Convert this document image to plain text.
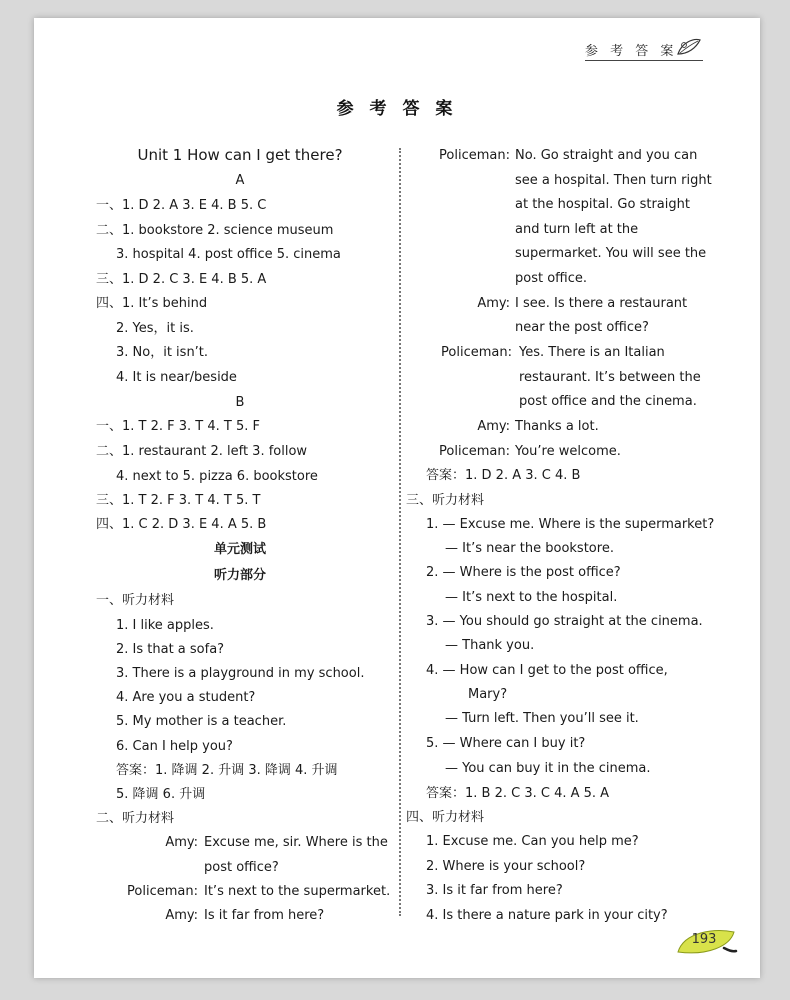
参 考 答 案
参 考 答 案
Unit 1 How can I get there?
A
一、1. D 2. A 3. E 4. B 5. C
二、1. bookstore 2. science museum
3. hospital 4. post office 5. cinema
三、1. D 2. C 3. E 4. B 5. A
四、1. It’s behind
2. Yes，it is.
3. No，it isn’t.
4. It is near/beside
B
一、1. T 2. F 3. T 4. T 5. F
二、1. restaurant 2. left 3. follow
4. next to 5. pizza 6. bookstore
三、1. T 2. F 3. T 4. T 5. T
四、1. C 2. D 3. E 4. A 5. B
单元测试
听力部分
一、听力材料
1. I like apples.
2. Is that a sofa?
3. There is a playground in my school.
4. Are you a student?
5. My mother is a teacher.
6. Can I help you?
答案：1. 降调 2. 升调 3. 降调 4. 升调
5. 降调 6. 升调
二、听力材料
Amy: Excuse me, sir. Where is the
post office?
Policeman: It’s next to the supermarket.
Amy: Is it far from here?
Policeman: No. Go straight and you can
see a hospital. Then turn right
at the hospital. Go straight
and turn left at the
supermarket. You will see the
post office.
Amy: I see. Is there a restaurant
near the post office?
Policeman: Yes. There is an Italian
restaurant. It’s between the
post office and the cinema.
Amy: Thanks a lot.
Policeman: You’re welcome.
答案：1. D 2. A 3. C 4. B
三、听力材料
1. — Excuse me. Where is the supermarket?
— It’s near the bookstore.
2. — Where is the post office?
— It’s next to the hospital.
3. — You should go straight at the cinema.
— Thank you.
4. — How can I get to the post office,
Mary?
— Turn left. Then you’ll see it.
5. — Where can I buy it?
— You can buy it in the cinema.
答案：1. B 2. C 3. C 4. A 5. A
四、听力材料
1. Excuse me. Can you help me?
2. Where is your school?
3. Is it far from here?
4. Is there a nature park in your city?
193
